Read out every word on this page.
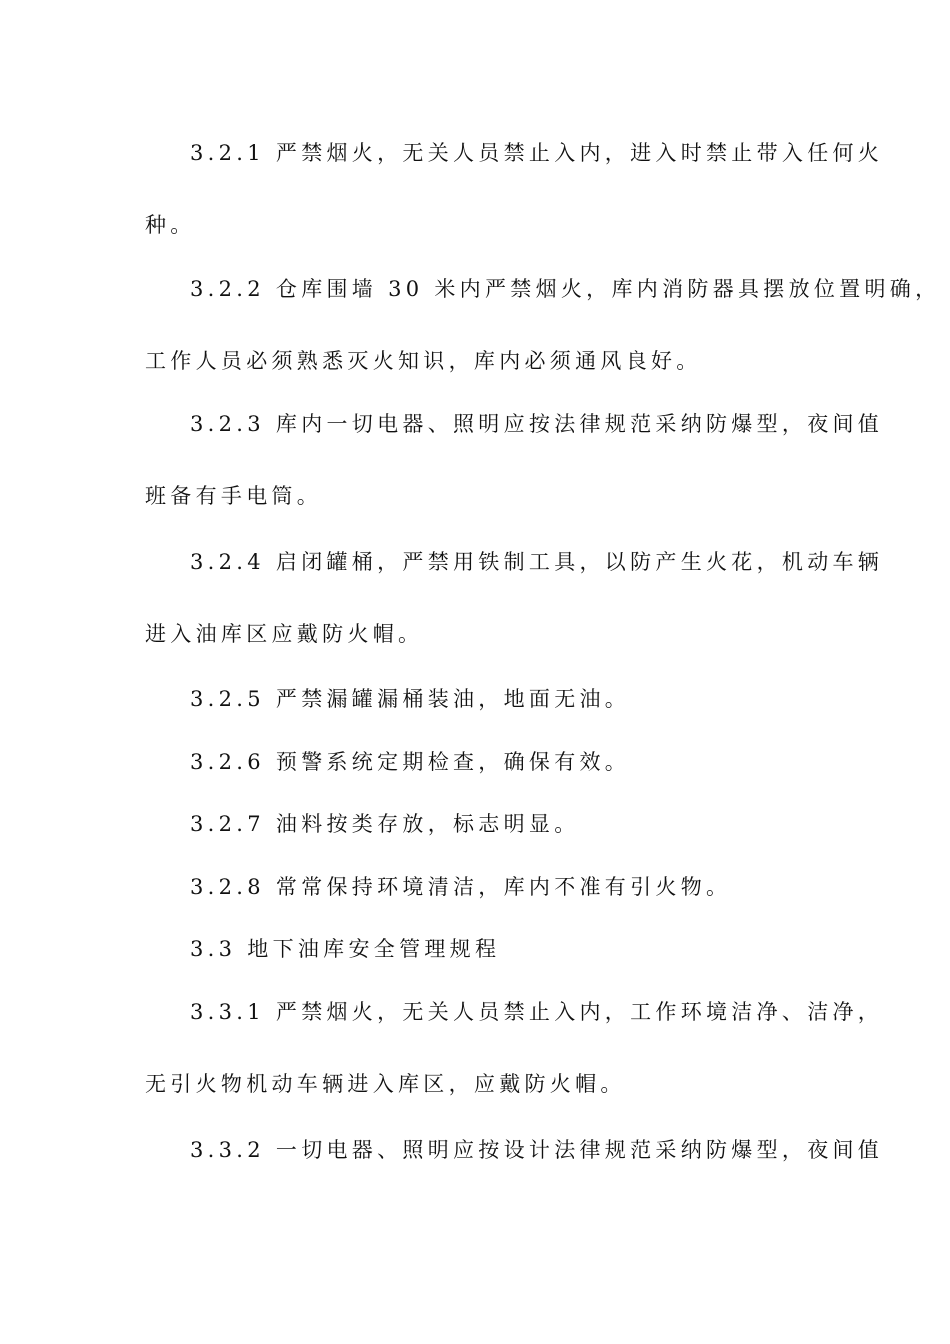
3.2.1 严禁烟火，无关人员禁止入内，进入时禁止带入任何火
种。
3.2.2 仓库围墙 30 米内严禁烟火，库内消防器具摆放位置明确，
工作人员必须熟悉灭火知识，库内必须通风良好。
3.2.3 库内一切电器、照明应按法律规范采纳防爆型，夜间值
班备有手电筒。
3.2.4 启闭罐桶，严禁用铁制工具，以防产生火花，机动车辆
进入油库区应戴防火帽。
3.2.5 严禁漏罐漏桶装油，地面无油。
3.2.6 预警系统定期检查，确保有效。
3.2.7 油料按类存放，标志明显。
3.2.8 常常保持环境清洁，库内不准有引火物。
3.3 地下油库安全管理规程
3.3.1 严禁烟火，无关人员禁止入内，工作环境洁净、洁净，
无引火物机动车辆进入库区，应戴防火帽。
3.3.2 一切电器、照明应按设计法律规范采纳防爆型，夜间值
